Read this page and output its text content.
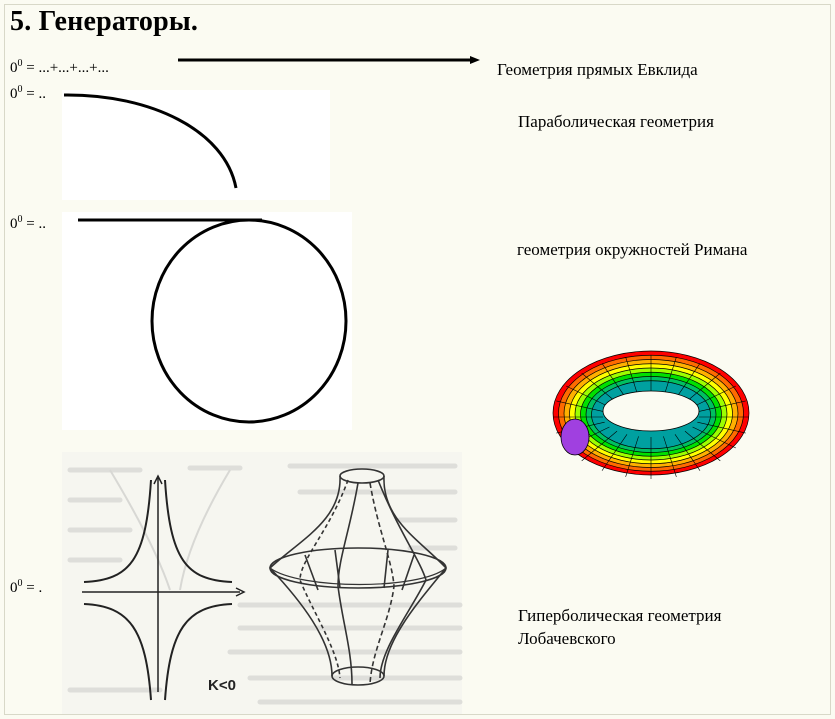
5. Генераторы.
$0^0$ = ...+...+...+...	Геометрия прямых Евклида
$0^0$ = ..
Параболическая геометрия
$0^0$ = ..
геометрия окружностей Римана
$0^0$ = .
Гиперболическая геометрия Лобачевского
K<0
